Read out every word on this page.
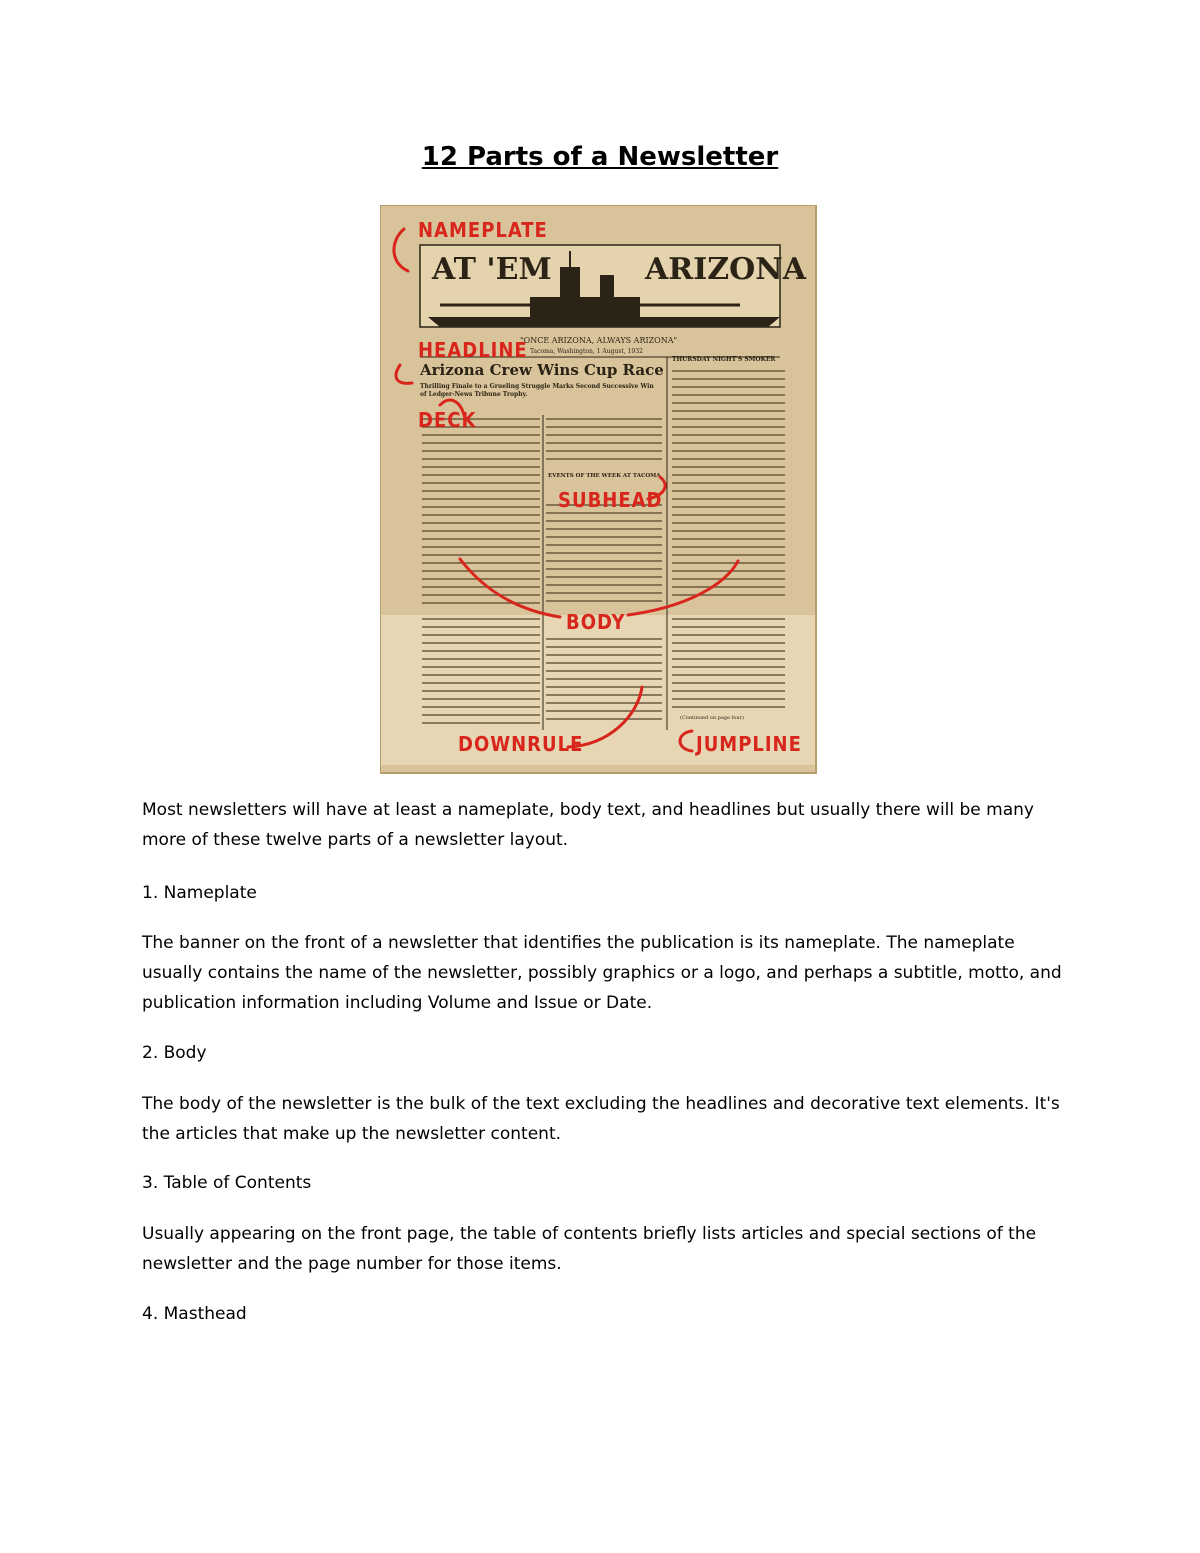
12 Parts of a Newsletter
AT 'EM	ARIZONA
"ONCE ARIZONA, ALWAYS ARIZONA"
Tacoma, Washington, 1 August, 1932
Arizona Crew Wins Cup Race
Thrilling Finale to a Grueling Struggle Marks Second Successive Win of Ledger-News Tribune Trophy.
THURSDAY NIGHT'S SMOKER
EVENTS OF THE WEEK AT TACOMA
(Continued on page four)
NAMEPLATE
HEADLINE
DECK
SUBHEAD
BODY
DOWNRULE	JUMPLINE

Most newsletters will have at least a nameplate, body text, and headlines but usually there will be many more of these twelve parts of a newsletter layout.

1. Nameplate

The banner on the front of a newsletter that identifies the publication is its nameplate. The nameplate usually contains the name of the newsletter, possibly graphics or a logo, and perhaps a subtitle, motto, and publication information including Volume and Issue or Date.

2. Body

The body of the newsletter is the bulk of the text excluding the headlines and decorative text elements. It's the articles that make up the newsletter content.

3. Table of Contents

Usually appearing on the front page, the table of contents briefly lists articles and special sections of the newsletter and the page number for those items.

4. Masthead
